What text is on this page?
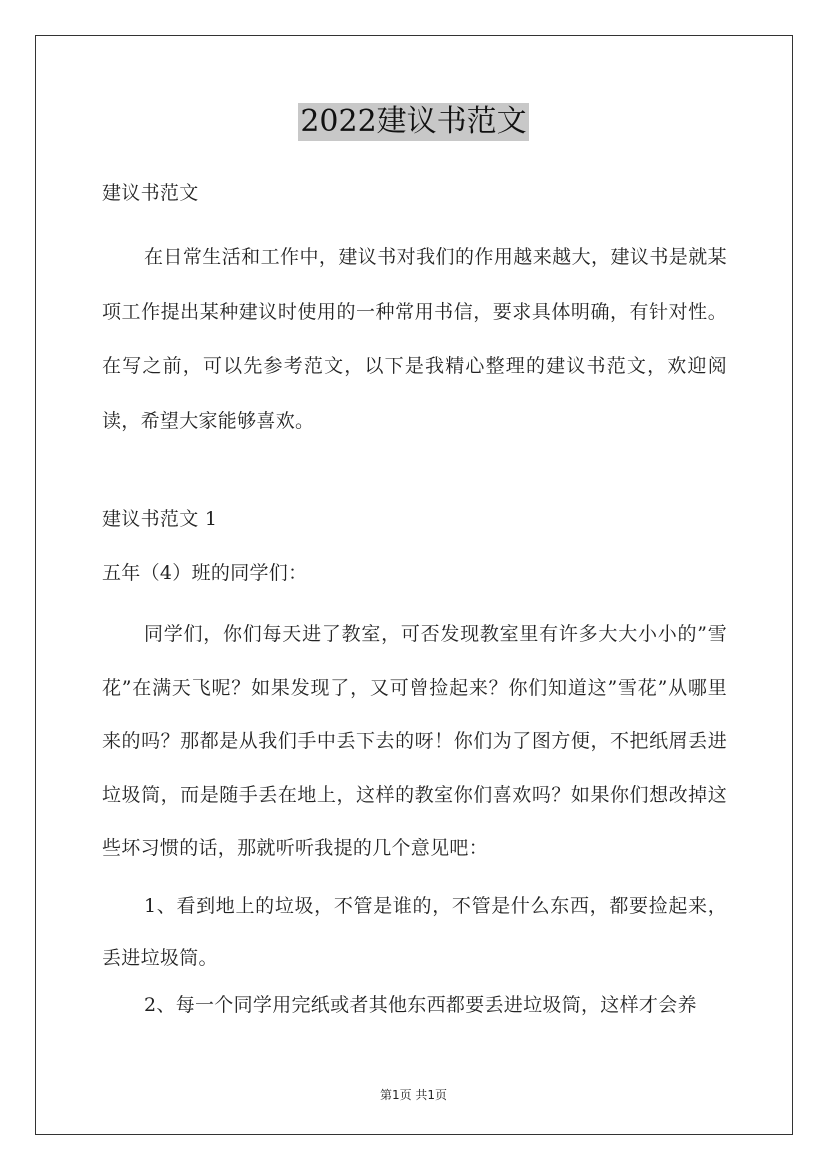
2022建议书范文

建议书范文

在日常生活和工作中，建议书对我们的作用越来越大，建议书是就某项工作提出某种建议时使用的一种常用书信，要求具体明确，有针对性。在写之前，可以先参考范文，以下是我精心整理的建议书范文，欢迎阅读，希望大家能够喜欢。

建议书范文 1

五年（4）班的同学们：

同学们，你们每天进了教室，可否发现教室里有许多大大小小的”雪花”在满天飞呢？如果发现了，又可曾捡起来？你们知道这”雪花”从哪里来的吗？那都是从我们手中丢下去的呀！你们为了图方便，不把纸屑丢进垃圾筒，而是随手丢在地上，这样的教室你们喜欢吗？如果你们想改掉这些坏习惯的话，那就听听我提的几个意见吧：

1、看到地上的垃圾，不管是谁的，不管是什么东西，都要捡起来，丢进垃圾筒。

2、每一个同学用完纸或者其他东西都要丢进垃圾筒，这样才会养

第1页 共1页
